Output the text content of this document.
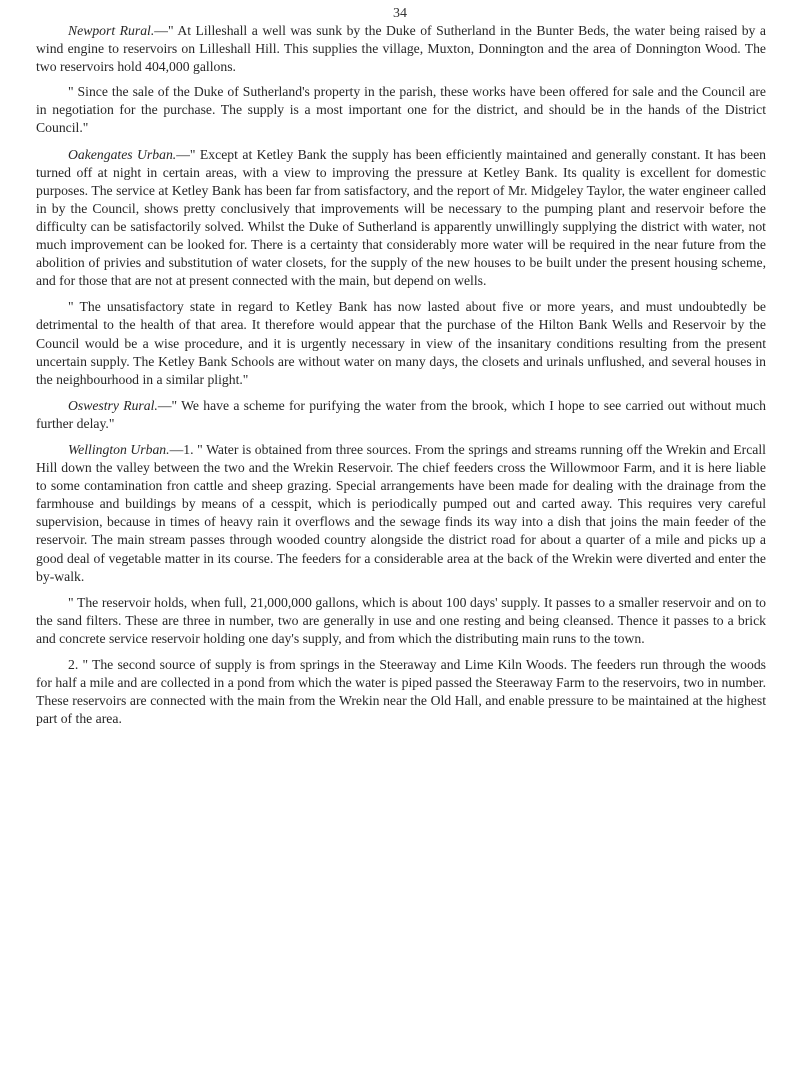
34

Newport Rural.—" At Lilleshall a well was sunk by the Duke of Sutherland in the Bunter Beds, the water being raised by a wind engine to reservoirs on Lilleshall Hill. This supplies the village, Muxton, Donnington and the area of Donnington Wood. The two reservoirs hold 404,000 gallons.

" Since the sale of the Duke of Sutherland's property in the parish, these works have been offered for sale and the Council are in negotiation for the purchase. The supply is a most important one for the district, and should be in the hands of the District Council."

Oakengates Urban.—" Except at Ketley Bank the supply has been efficiently maintained and generally constant. It has been turned off at night in certain areas, with a view to improving the pressure at Ketley Bank. Its quality is excellent for domestic purposes. The service at Ketley Bank has been far from satisfactory, and the report of Mr. Midgeley Taylor, the water engineer called in by the Council, shows pretty conclusively that improvements will be necessary to the pumping plant and reservoir before the difficulty can be satisfactorily solved. Whilst the Duke of Sutherland is apparently unwillingly supplying the district with water, not much improvement can be looked for. There is a certainty that considerably more water will be required in the near future from the abolition of privies and substitution of water closets, for the supply of the new houses to be built under the present housing scheme, and for those that are not at present connected with the main, but depend on wells.

" The unsatisfactory state in regard to Ketley Bank has now lasted about five or more years, and must undoubtedly be detrimental to the health of that area. It therefore would appear that the purchase of the Hilton Bank Wells and Reservoir by the Council would be a wise procedure, and it is urgently necessary in view of the insanitary conditions resulting from the present uncertain supply. The Ketley Bank Schools are without water on many days, the closets and urinals unflushed, and several houses in the neighbourhood in a similar plight."

Oswestry Rural.—" We have a scheme for purifying the water from the brook, which I hope to see carried out without much further delay."

Wellington Urban.—1. " Water is obtained from three sources. From the springs and streams running off the Wrekin and Ercall Hill down the valley between the two and the Wrekin Reservoir. The chief feeders cross the Willowmoor Farm, and it is here liable to some contamination fron cattle and sheep grazing. Special arrangements have been made for dealing with the drainage from the farmhouse and buildings by means of a cesspit, which is periodically pumped out and carted away. This requires very careful supervision, because in times of heavy rain it overflows and the sewage finds its way into a dish that joins the main feeder of the reservoir. The main stream passes through wooded country alongside the district road for about a quarter of a mile and picks up a good deal of vegetable matter in its course. The feeders for a considerable area at the back of the Wrekin were diverted and enter the by-walk.

" The reservoir holds, when full, 21,000,000 gallons, which is about 100 days' supply. It passes to a smaller reservoir and on to the sand filters. These are three in number, two are generally in use and one resting and being cleansed. Thence it passes to a brick and concrete service reservoir holding one day's supply, and from which the distributing main runs to the town.

2. " The second source of supply is from springs in the Steeraway and Lime Kiln Woods. The feeders run through the woods for half a mile and are collected in a pond from which the water is piped passed the Steeraway Farm to the reservoirs, two in number. These reservoirs are connected with the main from the Wrekin near the Old Hall, and enable pressure to be maintained at the highest part of the area.
